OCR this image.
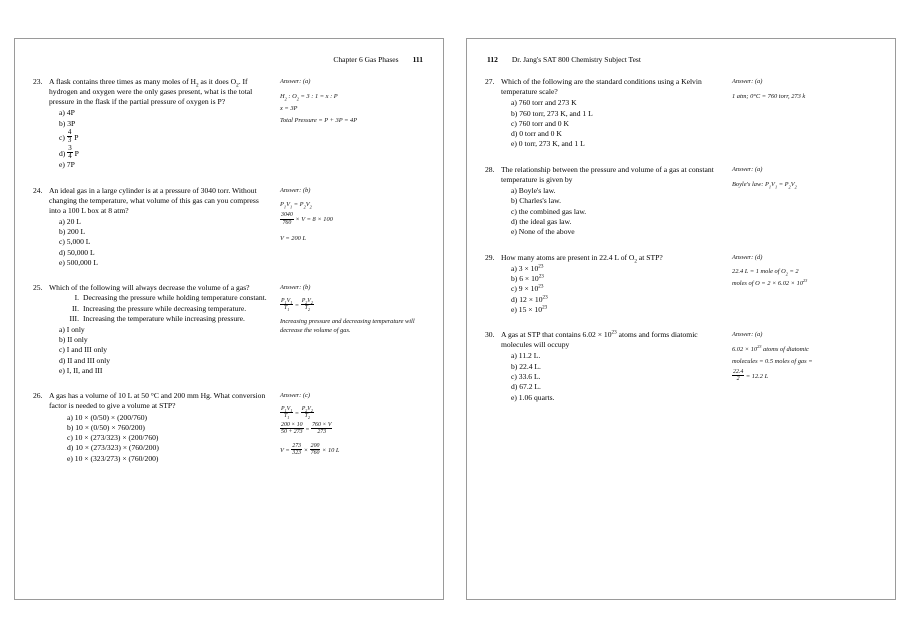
Chapter 6 Gas Phases 111
23. A flask contains three times as many moles of $H_2$ as it does $O_2$. If hydrogen and oxygen were the only gases present, what is the total pressure in the flask if the partial pressure of oxygen is P?
a) 4P
b) 3P
$c) \frac{4}{3}$ P
$d) \frac{3}{4}$ P
e) 7P
Answer: (a)
$H_2$ : $O_2 = 3$ : 1 = x : P
x = 3P
Total Pressure = P + 3P = 4P
24. An ideal gas in a large cylinder is at a pressure of 3040 torr. Without changing the temperature, what volume of this gas can you compress into a 100 L box at 8 atm?
a) 20 L
b) 200 L
c) 5,000 L
d) 50,000 L
e) 500,000 L
Answer: (b)
$P_1V_1 = P_2V_2$
$\frac{3040}{760} \times V = 8 \times 100$
V = 200 L
25. Which of the following will always decrease the volume of a gas?
I. Decreasing the pressure while holding temperature constant.
II. Increasing the pressure while decreasing temperature.
III. Increasing the temperature while increasing pressure.
a) I only
b) II only
c) I and III only
d) II and III only
e) I, II, and III
Answer: (b)
$\frac{P_1V_1}{T_1} = \frac{P_2V_2}{T_2}$
Increasing pressure and decreasing temperature will decrease the volume of gas.
26. A gas has a volume of 10 L at 50 °C and 200 mm Hg. What conversion factor is needed to give a volume at STP?
a) 10 × (0/50) × (200/760)
b) 10 × (0/50) × 760/200)
c) 10 × (273/323) × (200/760)
d) 10 × (273/323) × (760/200)
e) 10 × (323/273) × (760/200)
Answer: (c)
$\frac{P_1V_1}{T_1} = \frac{P_2V_2}{T_2}$
$\frac{200 \times 10}{50 + 273} = \frac{760 \times V}{273}$
$V = \frac{273}{323} \times \frac{200}{760} \times 10$ L
112 Dr. Jang's SAT 800 Chemistry Subject Test
27. Which of the following are the standard conditions using a Kelvin temperature scale?
a) 760 torr and 273 K
b) 760 torr, 273 K, and 1 L
c) 760 torr and 0 K
d) 0 torr and 0 K
e) 0 torr, 273 K, and 1 L
Answer: (a)
1 atm; 0°C = 760 torr, 273 k
28. The relationship between the pressure and volume of a gas at constant temperature is given by
a) Boyle's law.
b) Charles's law.
c) the combined gas law.
d) the ideal gas law.
e) None of the above
Answer: (a)
Boyle's law: $P_1V_1 = P_2V_2$
29. How many atoms are present in 22.4 L of $O_2$ at STP?
a) $3 \times 10^{23}$
b) $6 \times 10^{23}$
c) $9 \times 10^{23}$
d) $12 \times 10^{23}$
e) $15 \times 10^{23}$
Answer: (d)
22.4 L = 1 mole of $O_2 = 2$
moles of $O = 2 \times 6.02 \times 10^{23}$
30. A gas at STP that contains $6.02 \times 10^{23}$ atoms and forms diatomic molecules will occupy
a) 11.2 L.
b) 22.4 L.
c) 33.6 L.
d) 67.2 L.
e) 1.06 quarts.
Answer: (a)
$6.02 \times 10^{23}$ atoms of diatomic
molecules = 0.5 moles of gas =
$\frac{22.4}{2} = 12.2$ L
